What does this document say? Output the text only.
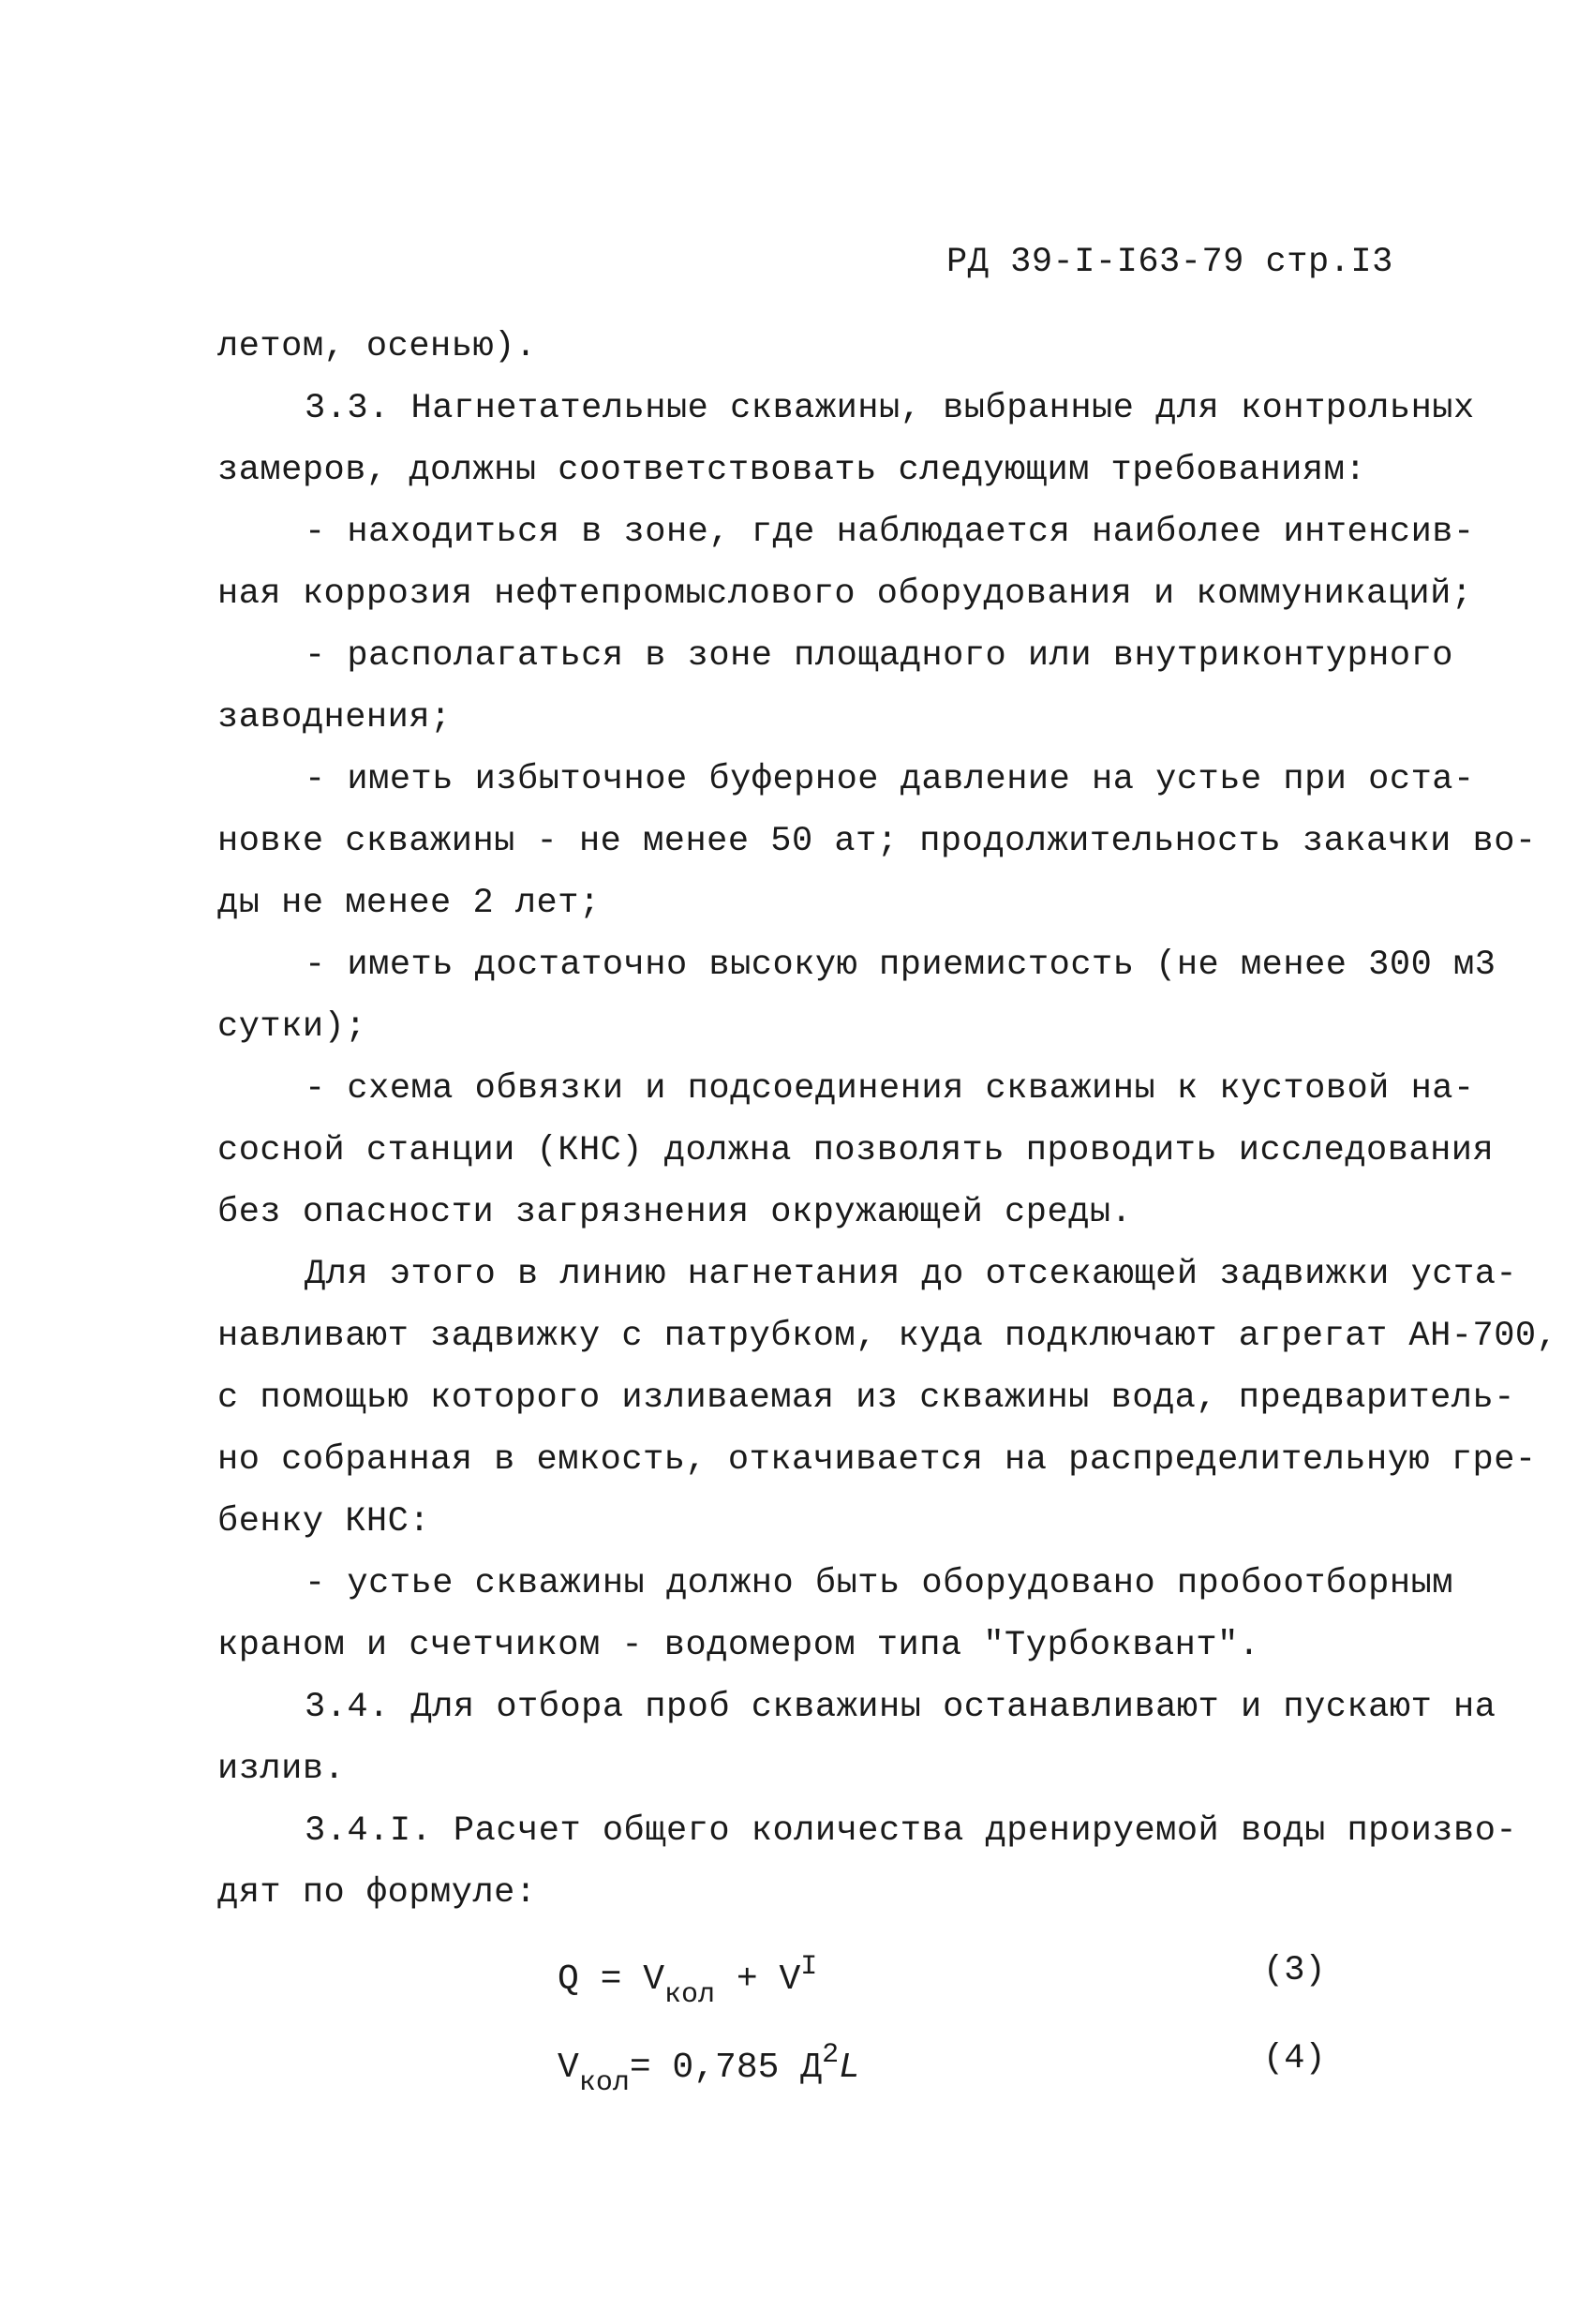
РД 39-I-I63-79 стр.I3
летом, осенью).
3.3. Нагнетательные скважины, выбранные для контрольных
замеров, должны соответствовать следующим требованиям:
- находиться в зоне, где наблюдается наиболее интенсив-
ная коррозия нефтепромыслового оборудования и коммуникаций;
- располагаться в зоне площадного или внутриконтурного
заводнения;
- иметь избыточное буферное давление на устье при оста-
новке скважины - не менее 50 ат; продолжительность закачки во-
ды не менее 2 лет;
- иметь достаточно высокую приемистость (не менее 300 м3
сутки);
- схема обвязки и подсоединения скважины к кустовой на-
сосной станции (КНС) должна позволять проводить исследования
без опасности загрязнения окружающей среды.
Для этого в линию нагнетания до отсекающей задвижки уста-
навливают задвижку с патрубком, куда подключают агрегат АН-700,
с помощью которого изливаемая из скважины вода, предваритель-
но собранная в емкость, откачивается на распределительную гре-
бенку КНС:
- устье скважины должно быть оборудовано пробоотборным
краном и счетчиком - водомером типа "Турбоквант".
3.4. Для отбора проб скважины останавливают и пускают на
излив.
3.4.I. Расчет общего количества дренируемой воды произво-
дят по формуле:
$Q = V_{кол} + V^I$	(3)
$V_{кол}= 0,785$ $Д^2L$	(4)
